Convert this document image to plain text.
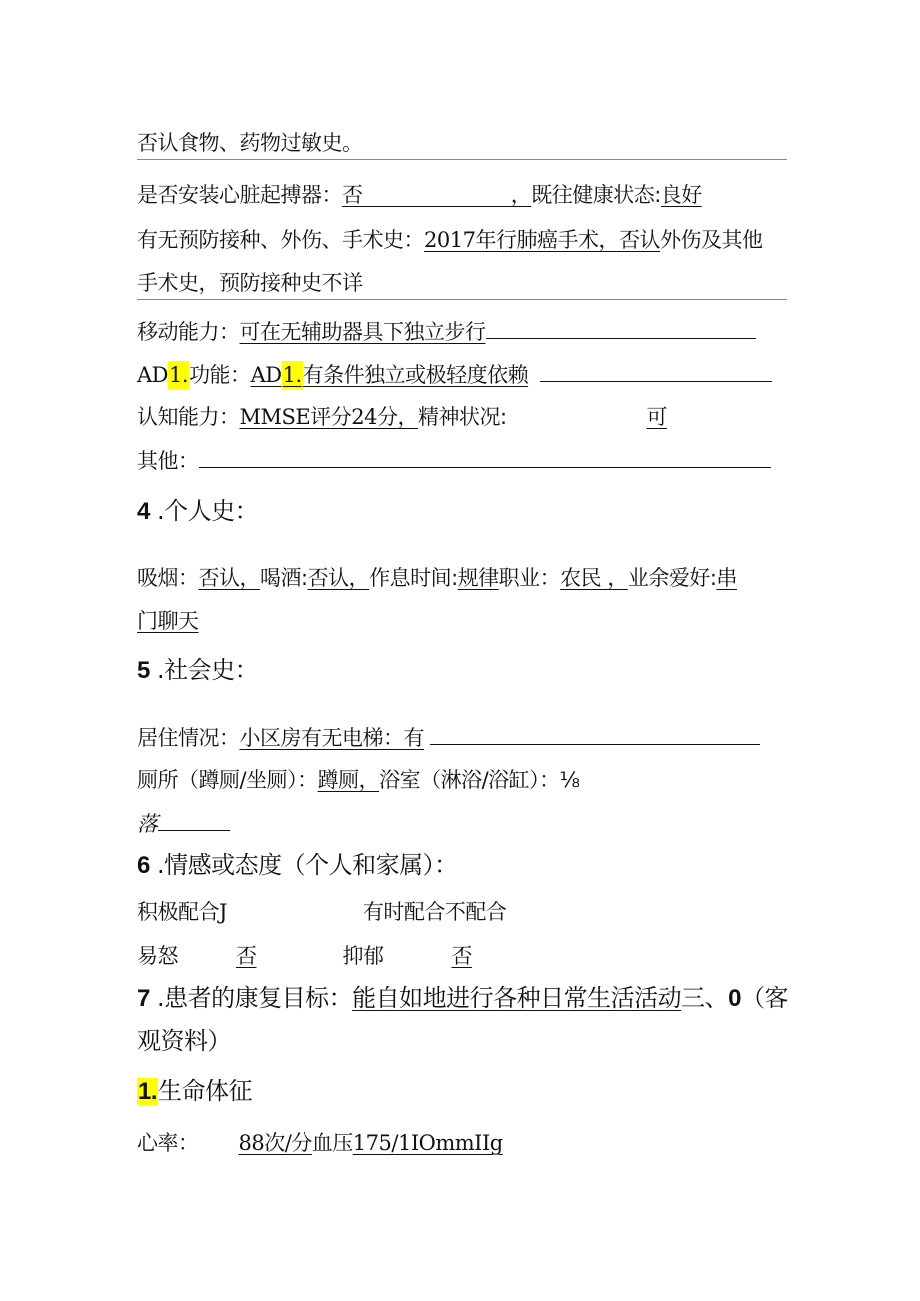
否认食物、药物过敏史。
是否安装心脏起搏器：否	，既往健康状态:良好
有无预防接种、外伤、手术史：2017年行肺癌手术，否认外伤及其他
手术史，预防接种史不详
移动能力：可在无辅助器具下独立步行
AD1.功能：AD1.有条件独立或极轻度依赖
认知能力：MMSE评分24分，精神状况:	可
其他：
4 .个人史：
吸烟：否认，喝酒:否认，作息时间:规律职业：农民 ，业余爱好:串
门聊天
5 .社会史：
居住情况：小区房有无电梯：有
厕所（蹲厕/坐厕）：蹲厕，浴室（淋浴/浴缸）：⅛
落
6 .情感或态度（个人和家属）：
积极配合J	有时配合不配合
易怒	否	抑郁	否
7 .患者的康复目标：能自如地进行各种日常生活活动三、0（客
观资料）
1.生命体征
心率： 88次/分血压175/1IOmmIIg
